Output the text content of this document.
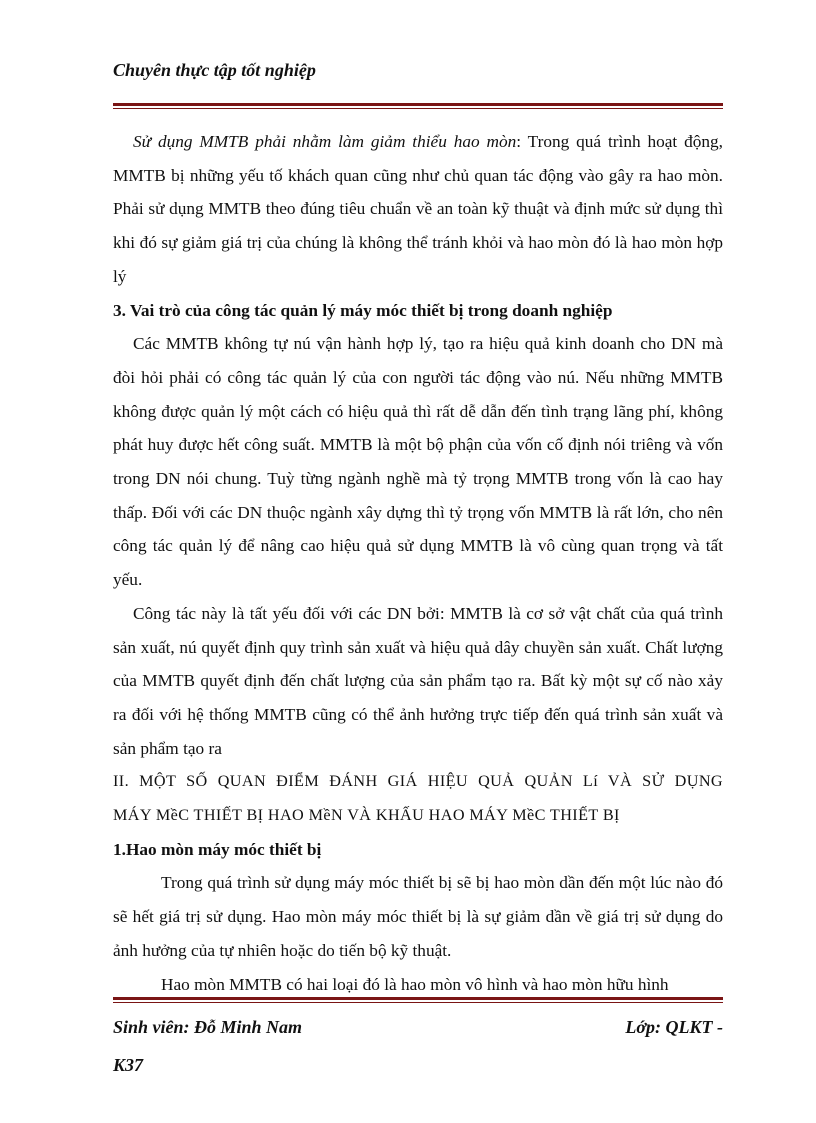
Chuyên thực tập tốt nghiệp

Sử dụng MMTB phải nhằm làm giảm thiểu hao mòn: Trong quá trình hoạt động, MMTB bị những yếu tố khách quan cũng như chủ quan tác động vào gây ra hao mòn. Phải sử dụng MMTB theo đúng tiêu chuẩn về an toàn kỹ thuật và định mức sử dụng thì khi đó sự giảm giá trị của chúng là không thể tránh khỏi và hao mòn đó là hao mòn hợp lý

3. Vai trò của công tác quản lý máy móc thiết bị trong doanh nghiệp

Các MMTB không tự nú vận hành hợp lý, tạo ra hiệu quả kinh doanh cho DN mà đòi hỏi phải có công tác quản lý của con người tác động vào nú. Nếu những MMTB không được quản lý một cách có hiệu quả thì rất dễ dẫn đến tình trạng lãng phí, không phát huy được hết công suất. MMTB là một bộ phận của vốn cố định nói triêng và vốn trong DN nói chung. Tuỳ từng ngành nghề mà tỷ trọng MMTB trong vốn là cao hay thấp. Đối với các DN thuộc ngành xây dựng thì tỷ trọng vốn MMTB là rất lớn, cho nên công tác quản lý để nâng cao hiệu quả sử dụng MMTB là vô cùng quan trọng và tất yếu.

Công tác này là tất yếu đối với các DN bởi: MMTB là cơ sở vật chất của quá trình sản xuất, nú quyết định quy trình sản xuất và hiệu quả dây chuyền sản xuất. Chất lượng của MMTB quyết định đến chất lượng của sản phẩm tạo ra. Bất kỳ một sự cố nào xảy ra đối với hệ thống MMTB cũng có thể ảnh hưởng trực tiếp đến quá trình sản xuất và sản phẩm tạo ra

II. MỘT SỐ QUAN ĐIỂM ĐÁNH GIÁ HIỆU QUẢ QUẢN Lí VÀ SỬ DỤNG

MÁY MềC THIẾT BỊ HAO MềN VÀ KHẤU HAO MÁY MềC THIẾT BỊ

1.Hao mòn máy móc thiết bị

Trong quá trình sử dụng máy móc thiết bị sẽ bị hao mòn dần đến một lúc nào đó sẽ hết giá trị sử dụng. Hao mòn máy móc thiết bị là sự giảm dần về giá trị sử dụng do ảnh hưởng của tự nhiên hoặc do tiến bộ kỹ thuật.

Hao mòn MMTB có hai loại đó là hao mòn vô hình và hao mòn hữu hình

Sinh viên: Đỗ Minh Nam	Lớp: QLKT -
K37
